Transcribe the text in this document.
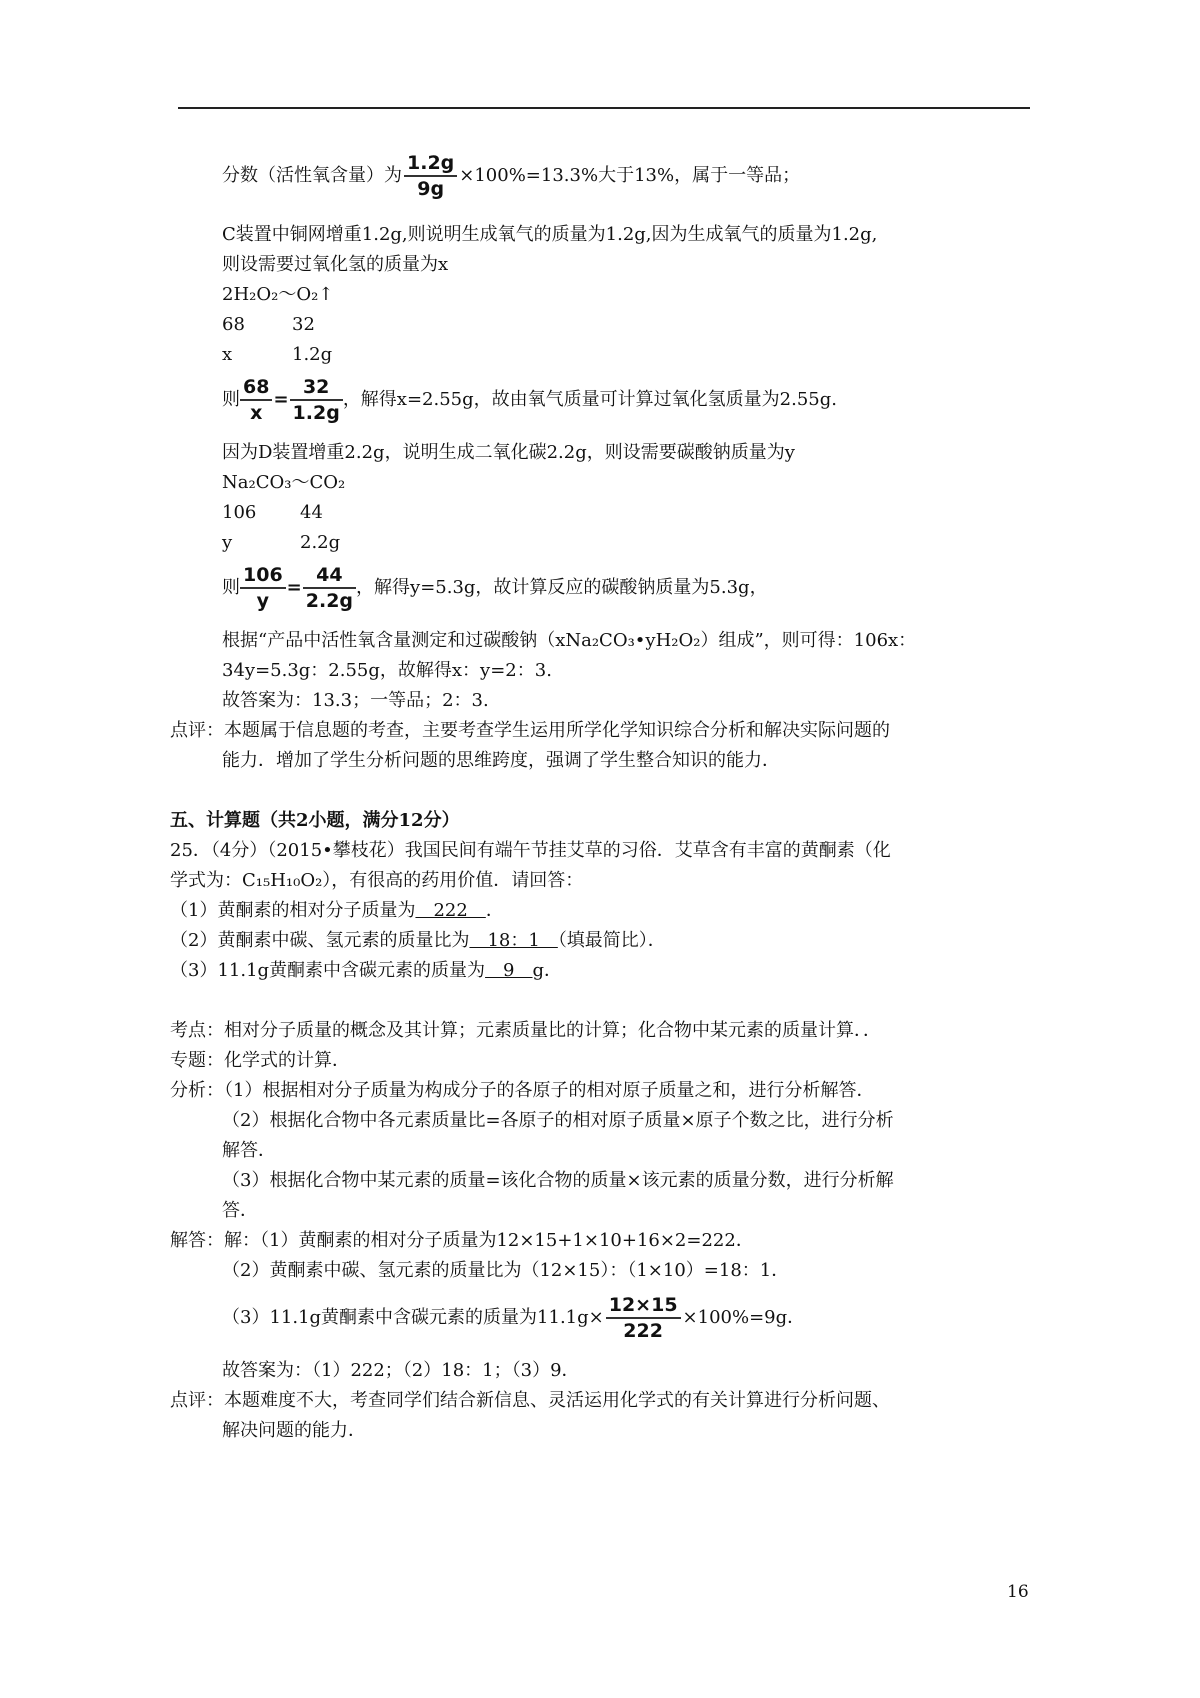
分数（活性氧含量）为 $\frac{1.2g}{9g} \times 100\%=13.3\%$大于13%，属于一等品；
C装置中铜网增重1.2g,则说明生成氧气的质量为1.2g,因为生成氧气的质量为1.2g,
则设需要过氧化氢的质量为x
2H₂O₂～O₂↑
68	32
x	1.2g
则 $\frac{68}{x} = \frac{32}{1.2g}$ ，解得x=2.55g，故由氧气质量可计算过氧化氢质量为2.55g.
因为D装置增重2.2g，说明生成二氧化碳2.2g，则设需要碳酸钠质量为y
Na₂CO₃～CO₂
106 44
y	2.2g
则 $\frac{106}{y} = \frac{44}{2.2g}$ ，解得y=5.3g，故计算反应的碳酸钠质量为5.3g，
根据“产品中活性氧含量测定和过碳酸钠（xNa₂CO₃•yH₂O₂）组成”，则可得：106x：
34y=5.3g：2.55g，故解得x：y=2：3.
故答案为：13.3；一等品；2：3.
点评：本题属于信息题的考查，主要考查学生运用所学化学知识综合分析和解决实际问题的
能力．增加了学生分析问题的思维跨度，强调了学生整合知识的能力．
五、计算题（共2小题，满分12分）
25．（4分）（2015•攀枝花）我国民间有端午节挂艾草的习俗．艾草含有丰富的黄酮素（化
学式为：C₁₅H₁₀O₂），有很高的药用价值．请回答：
（1）黄酮素的相对分子质量为　222　．
（2）黄酮素中碳、氢元素的质量比为　18：1　（填最简比）．
（3）11.1g黄酮素中含碳元素的质量为　9　g．
考点：相对分子质量的概念及其计算；元素质量比的计算；化合物中某元素的质量计算．．
专题：化学式的计算．
分析：（1）根据相对分子质量为构成分子的各原子的相对原子质量之和，进行分析解答．
（2）根据化合物中各元素质量比=各原子的相对原子质量×原子个数之比，进行分析
解答．
（3）根据化合物中某元素的质量=该化合物的质量×该元素的质量分数，进行分析解
答．
解答：解：（1）黄酮素的相对分子质量为12×15+1×10+16×2=222．
（2）黄酮素中碳、氢元素的质量比为（12×15）：（1×10）=18：1．
（3）11.1g黄酮素中含碳元素的质量为$11.1g\times \frac{12\times 15}{222} \times 100\%=9g$．
故答案为：（1）222；（2）18：1；（3）9．
点评：本题难度不大，考查同学们结合新信息、灵活运用化学式的有关计算进行分析问题、
解决问题的能力．
16
